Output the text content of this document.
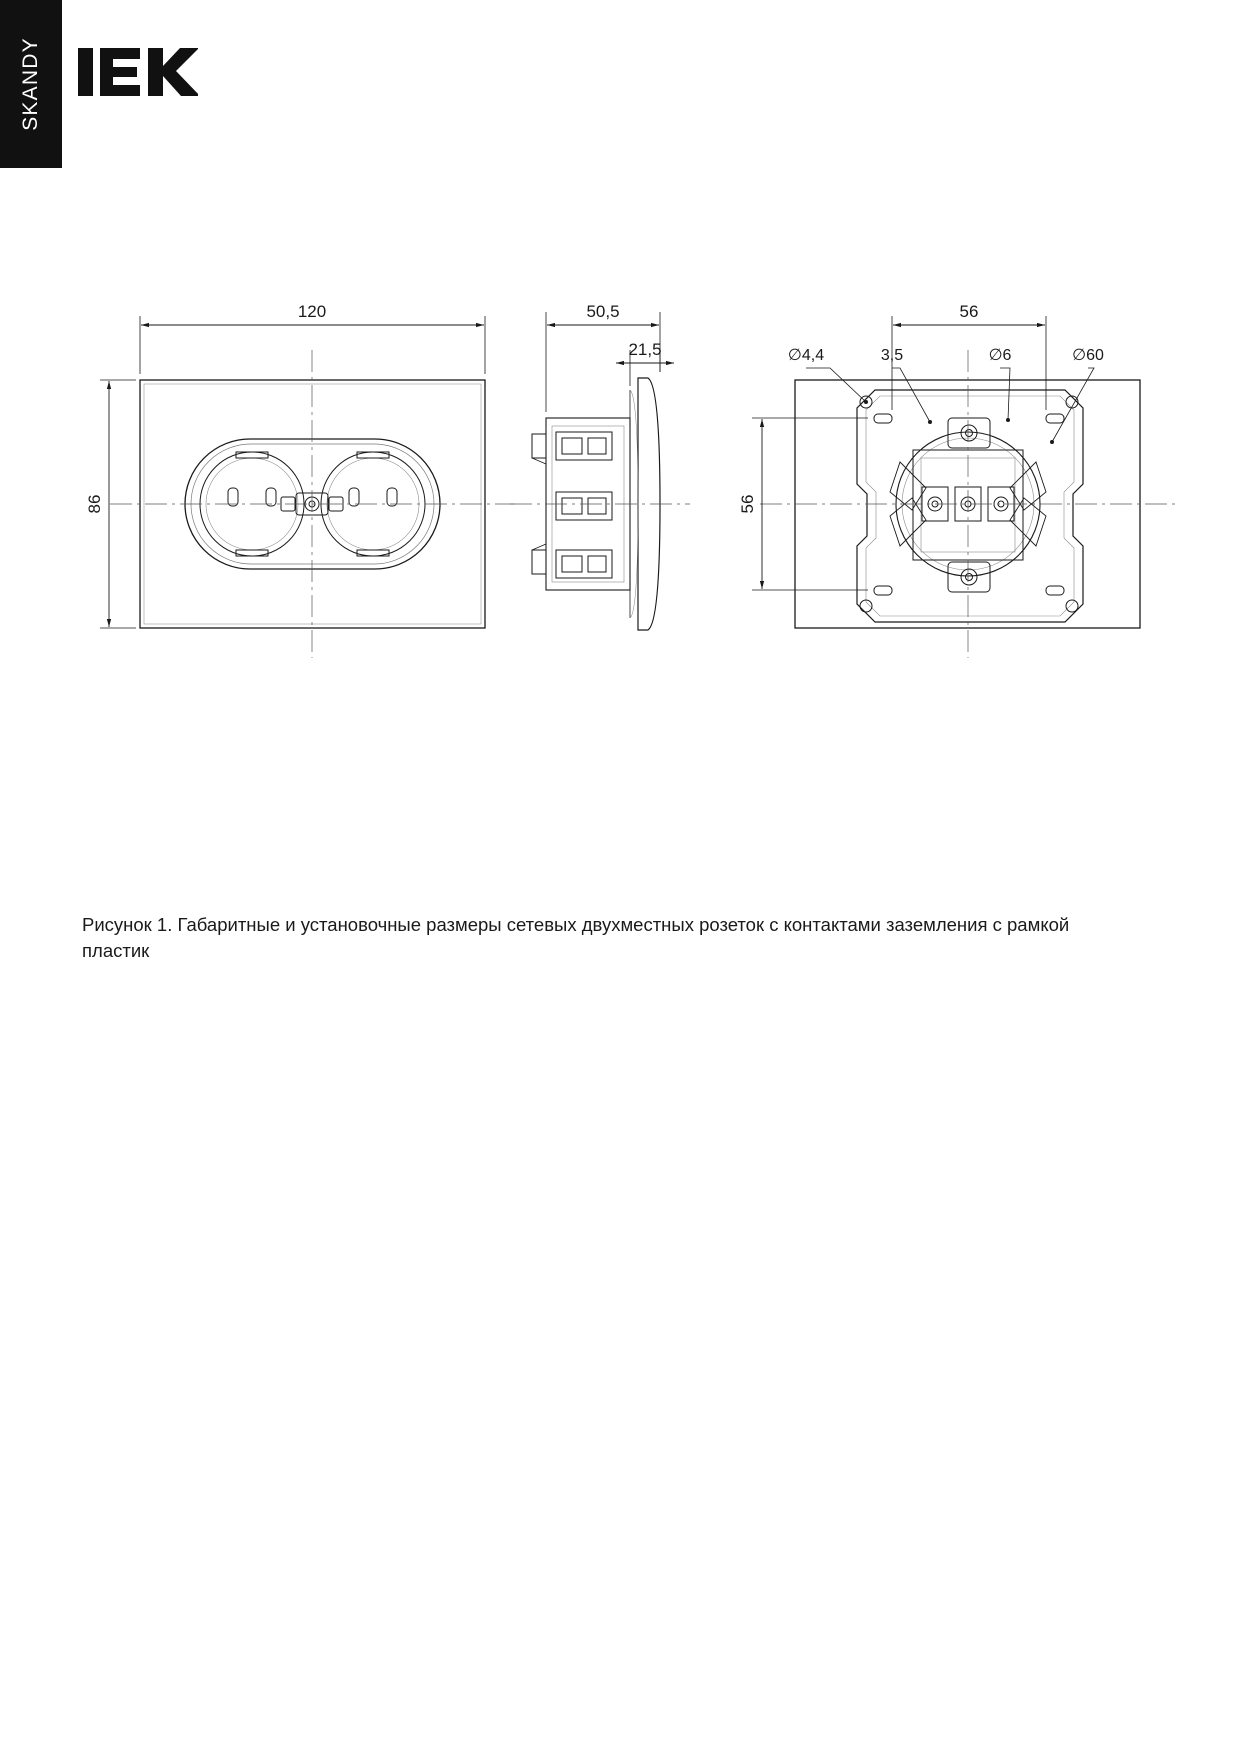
SKANDY
120
86
50,5
21,5
56
56
∅4,4	3,5	∅6	∅60
Рисунок 1. Габаритные и установочные размеры сетевых двухместных розеток с контактами заземления с рамкой пластик
